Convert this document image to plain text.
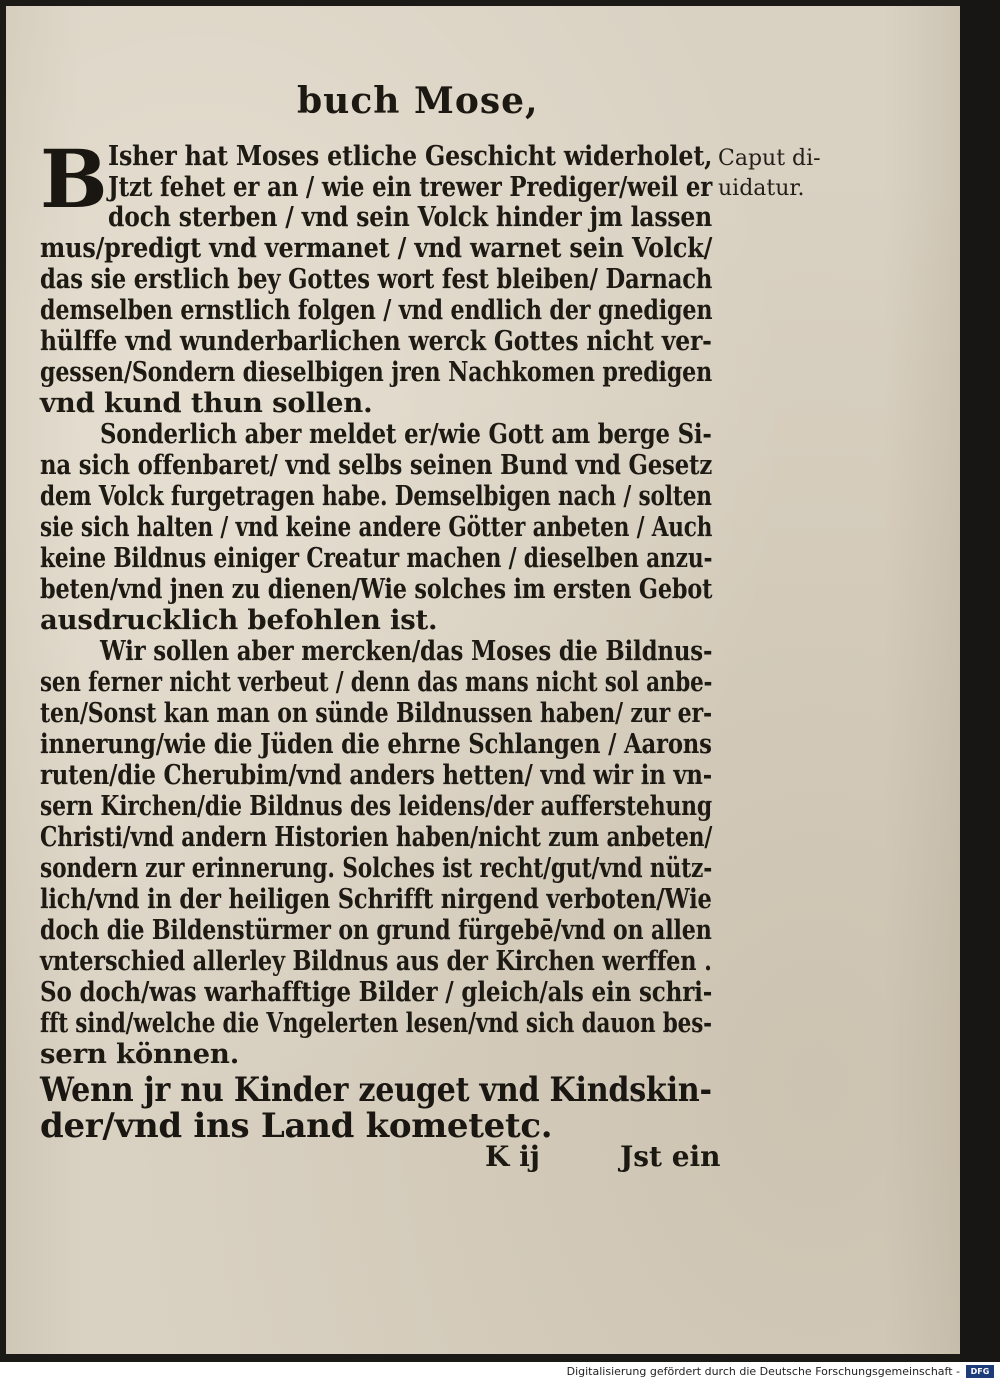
buch Mose,
B	Caput di-
uidatur.
Isher hat Moses etliche Geschicht widerholet,
Jtzt fehet er an / wie ein trewer Prediger/weil er
doch sterben / vnd sein Volck hinder jm lassen
mus/predigt vnd vermanet / vnd warnet sein Volck/
das sie erstlich bey Gottes wort fest bleiben/ Darnach
demselben ernstlich folgen / vnd endlich der gnedigen
hülffe vnd wunderbarlichen werck Gottes nicht ver-
gessen/Sondern dieselbigen jren Nachkomen predigen
vnd kund thun sollen.
Sonderlich aber meldet er/wie Gott am berge Si-
na sich offenbaret/ vnd selbs seinen Bund vnd Gesetz
dem Volck furgetragen habe. Demselbigen nach / solten
sie sich halten / vnd keine andere Götter anbeten / Auch
keine Bildnus einiger Creatur machen / dieselben anzu-
beten/vnd jnen zu dienen/Wie solches im ersten Gebot
ausdrucklich befohlen ist.
Wir sollen aber mercken/das Moses die Bildnus-
sen ferner nicht verbeut / denn das mans nicht sol anbe-
ten/Sonst kan man on sünde Bildnussen haben/ zur er-
innerung/wie die Jüden die ehrne Schlangen / Aarons
ruten/die Cherubim/vnd anders hetten/ vnd wir in vn-
sern Kirchen/die Bildnus des leidens/der aufferstehung
Christi/vnd andern Historien haben/nicht zum anbeten/
sondern zur erinnerung. Solches ist recht/gut/vnd nütz-
lich/vnd in der heiligen Schrifft nirgend verboten/Wie
doch die Bildenstürmer on grund fürgebē/vnd on allen
vnterschied allerley Bildnus aus der Kirchen werffen .
So doch/was warhafftige Bilder / gleich/als ein schri-
fft sind/welche die Vngelerten lesen/vnd sich dauon bes-
sern können.
Wenn jr nu Kinder zeuget vnd Kindskin-
der/vnd ins Land kometetc.
K ij	Jst ein
Digitalisierung gefördert durch die Deutsche Forschungsgemeinschaft -	DFG
